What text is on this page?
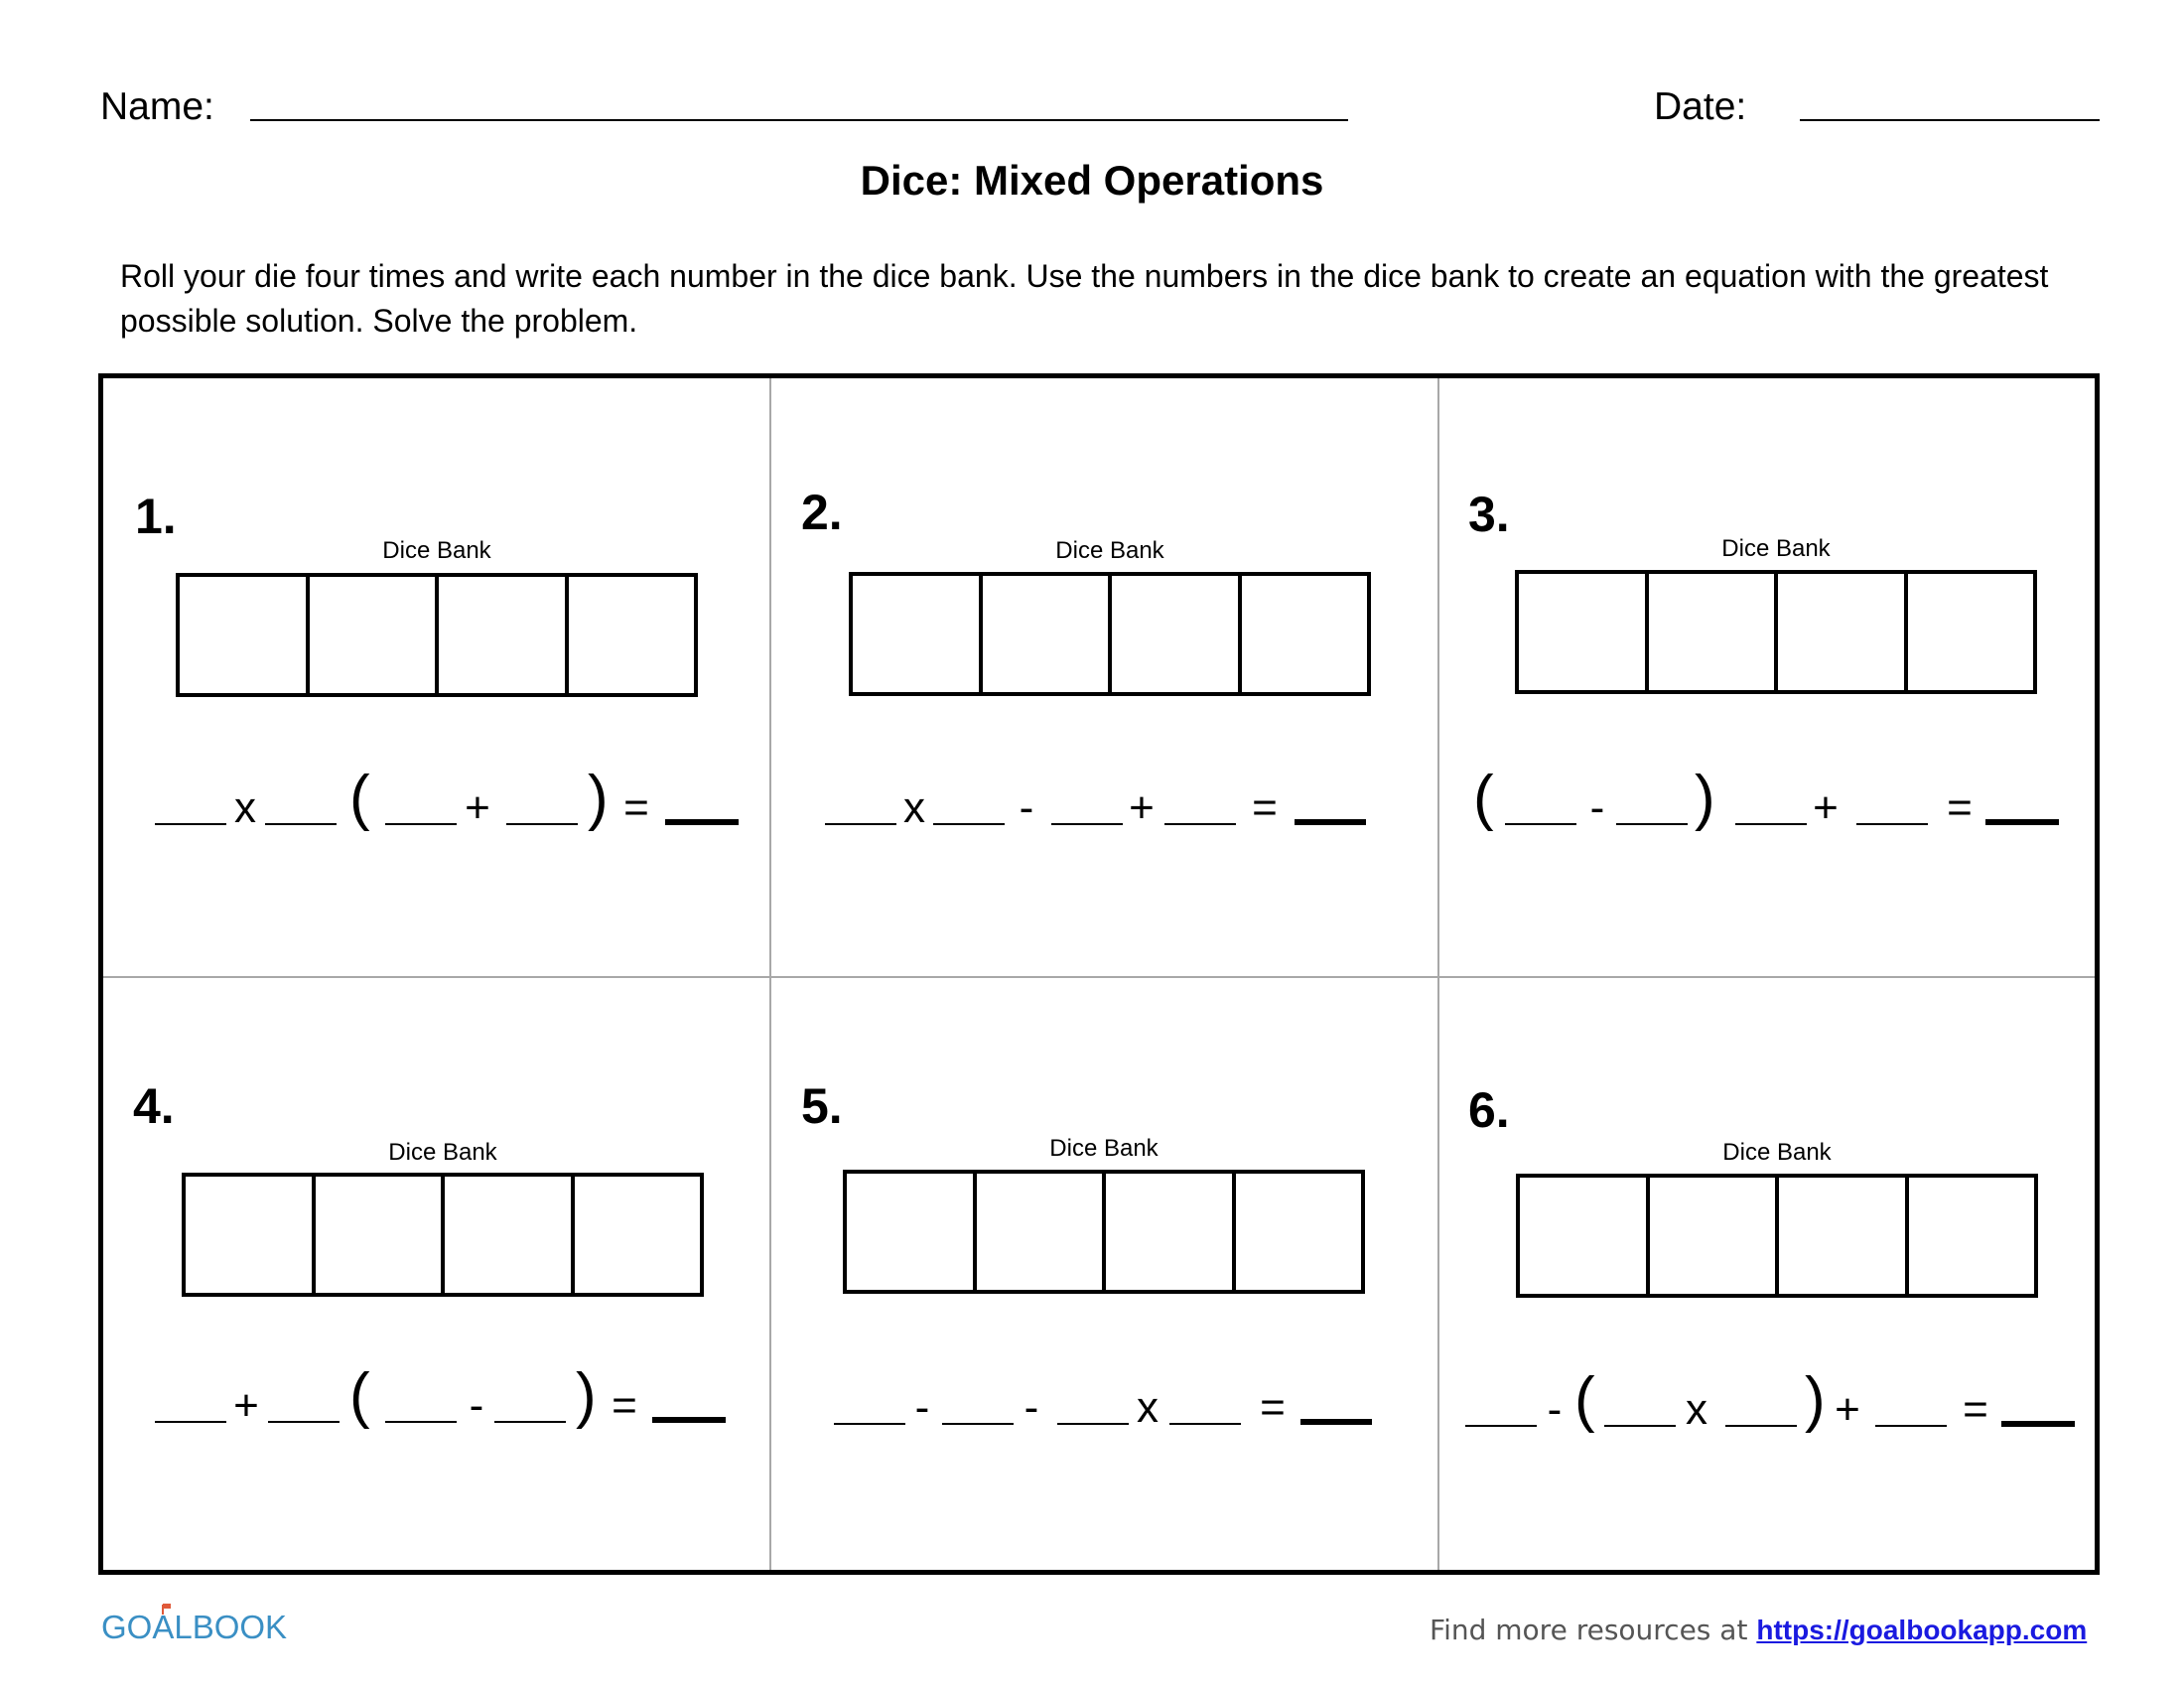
Name:	Date:
Dice: Mixed Operations
Roll your die four times and write each number in the dice bank. Use the numbers in the dice bank to create an equation with the greatest possible solution. Solve the problem.
1.
Dice Bank
x ( + ) =
2.
Dice Bank
x - + =
3.
Dice Bank
( - ) + =
4.
Dice Bank
+ ( - ) =
5.
Dice Bank
- - x =
6.
Dice Bank
- ( x ) + =
GOALBOOK	Find more resources at https://goalbookapp.com
